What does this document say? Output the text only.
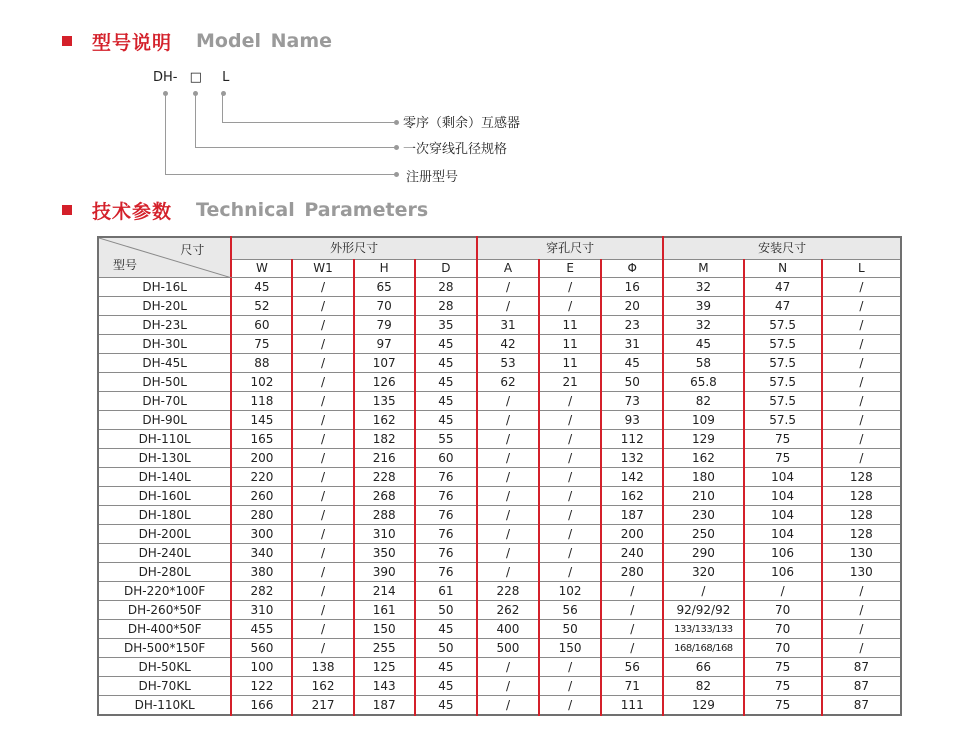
型号说明 Model Name
DH- □ L
零序（剩余）互感器
一次穿线孔径规格
注册型号
技术参数 Technical Parameters
尺寸
型号	外形尺寸				穿孔尺寸			安装尺寸		
	W	W1	H	D	A	E	Φ	M	N	L
DH-16L	45	/	65	28	/	/	16	32	47	/
DH-20L	52	/	70	28	/	/	20	39	47	/
DH-23L	60	/	79	35	31	11	23	32	57.5	/
DH-30L	75	/	97	45	42	11	31	45	57.5	/
DH-45L	88	/	107	45	53	11	45	58	57.5	/
DH-50L	102	/	126	45	62	21	50	65.8	57.5	/
DH-70L	118	/	135	45	/	/	73	82	57.5	/
DH-90L	145	/	162	45	/	/	93	109	57.5	/
DH-110L	165	/	182	55	/	/	112	129	75	/
DH-130L	200	/	216	60	/	/	132	162	75	/
DH-140L	220	/	228	76	/	/	142	180	104	128
DH-160L	260	/	268	76	/	/	162	210	104	128
DH-180L	280	/	288	76	/	/	187	230	104	128
DH-200L	300	/	310	76	/	/	200	250	104	128
DH-240L	340	/	350	76	/	/	240	290	106	130
DH-280L	380	/	390	76	/	/	280	320	106	130
DH-220*100F	282	/	214	61	228	102	/	/	/	/
DH-260*50F	310	/	161	50	262	56	/	92/92/92	70	/
DH-400*50F	455	/	150	45	400	50	/	133/133/133	70	/
DH-500*150F	560	/	255	50	500	150	/	168/168/168	70	/
DH-50KL	100	138	125	45	/	/	56	66	75	87
DH-70KL	122	162	143	45	/	/	71	82	75	87
DH-110KL	166	217	187	45	/	/	111	129	75	87
